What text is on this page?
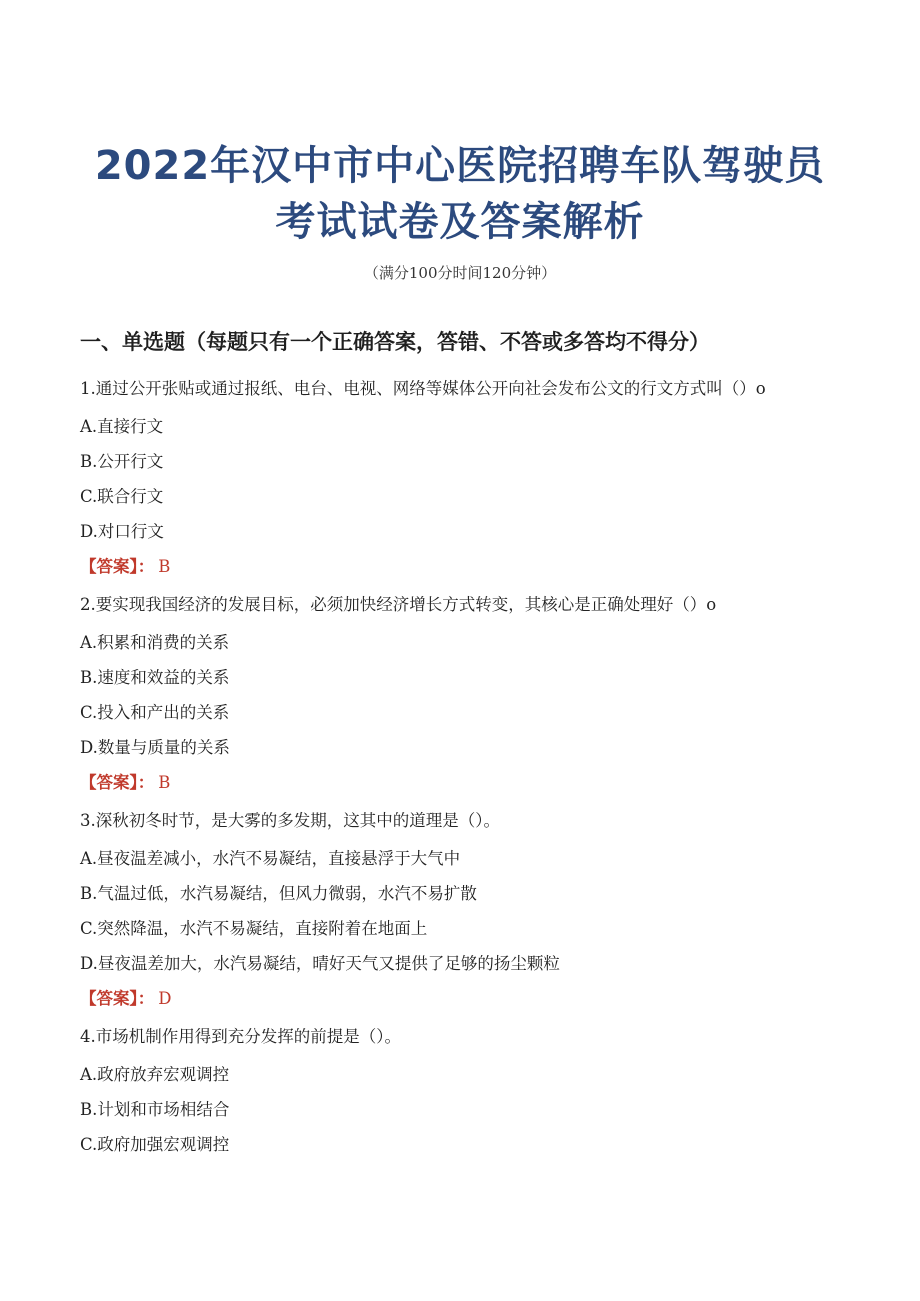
2022年汉中市中心医院招聘车队驾驶员
考试试卷及答案解析
（满分100分时间120分钟）
一、单选题（每题只有一个正确答案，答错、不答或多答均不得分）

1.通过公开张贴或通过报纸、电台、电视、网络等媒体公开向社会发布公文的行文方式叫（）o

A.直接行文

B.公开行文

C.联合行文

D.对口行文

【答案】： B

2.要实现我国经济的发展目标，必须加快经济增长方式转变，其核心是正确处理好（）o

A.积累和消费的关系

B.速度和效益的关系

C.投入和产出的关系

D.数量与质量的关系

【答案】： B

3.深秋初冬时节，是大雾的多发期，这其中的道理是（）。

A.昼夜温差减小，水汽不易凝结，直接悬浮于大气中

B.气温过低，水汽易凝结，但风力微弱，水汽不易扩散

C.突然降温，水汽不易凝结，直接附着在地面上

D.昼夜温差加大，水汽易凝结，晴好天气又提供了足够的扬尘颗粒

【答案】： D

4.市场机制作用得到充分发挥的前提是（）。

A.政府放弃宏观调控

B.计划和市场相结合

C.政府加强宏观调控
